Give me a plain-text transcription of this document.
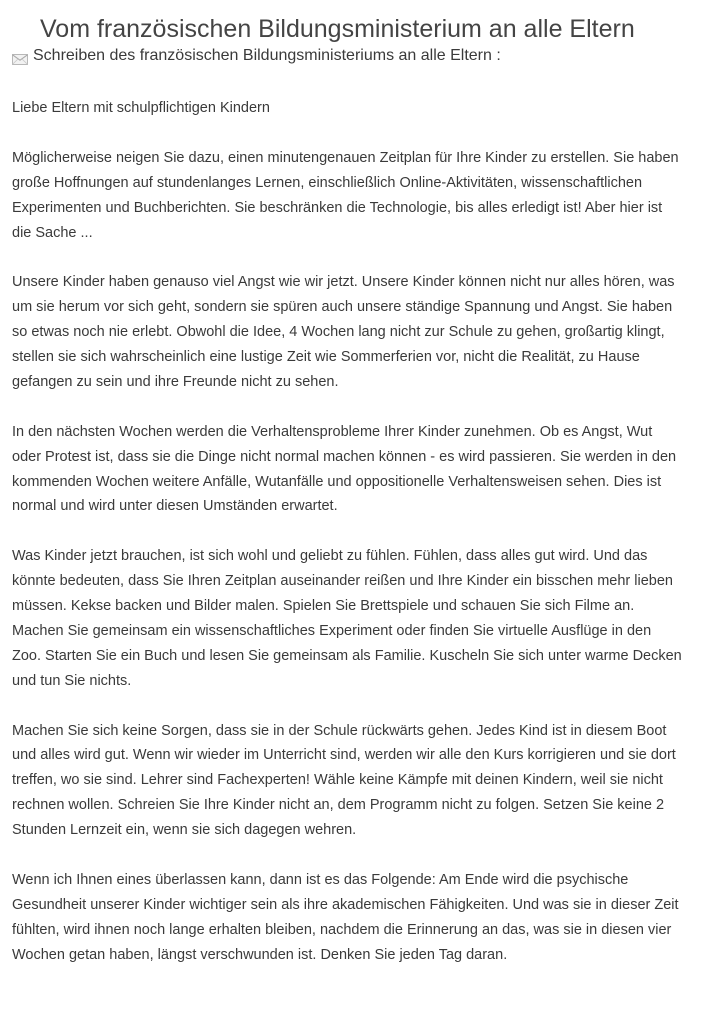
Vom französischen Bildungsministerium an alle Eltern
Schreiben des französischen Bildungsministeriums an alle Eltern :

Liebe Eltern mit schulpflichtigen Kindern

Möglicherweise neigen Sie dazu, einen minutengenauen Zeitplan für Ihre Kinder zu erstellen. Sie haben große Hoffnungen auf stundenlanges Lernen, einschließlich Online-Aktivitäten, wissenschaftlichen Experimenten und Buchberichten. Sie beschränken die Technologie, bis alles erledigt ist! Aber hier ist die Sache ...

Unsere Kinder haben genauso viel Angst wie wir jetzt. Unsere Kinder können nicht nur alles hören, was um sie herum vor sich geht, sondern sie spüren auch unsere ständige Spannung und Angst. Sie haben so etwas noch nie erlebt. Obwohl die Idee, 4 Wochen lang nicht zur Schule zu gehen, großartig klingt, stellen sie sich wahrscheinlich eine lustige Zeit wie Sommerferien vor, nicht die Realität, zu Hause gefangen zu sein und ihre Freunde nicht zu sehen.

In den nächsten Wochen werden die Verhaltensprobleme Ihrer Kinder zunehmen. Ob es Angst, Wut oder Protest ist, dass sie die Dinge nicht normal machen können - es wird passieren. Sie werden in den kommenden Wochen weitere Anfälle, Wutanfälle und oppositionelle Verhaltensweisen sehen. Dies ist normal und wird unter diesen Umständen erwartet.

Was Kinder jetzt brauchen, ist sich wohl und geliebt zu fühlen. Fühlen, dass alles gut wird. Und das könnte bedeuten, dass Sie Ihren Zeitplan auseinander reißen und Ihre Kinder ein bisschen mehr lieben müssen. Kekse backen und Bilder malen. Spielen Sie Brettspiele und schauen Sie sich Filme an. Machen Sie gemeinsam ein wissenschaftliches Experiment oder finden Sie virtuelle Ausflüge in den Zoo. Starten Sie ein Buch und lesen Sie gemeinsam als Familie. Kuscheln Sie sich unter warme Decken und tun Sie nichts.

Machen Sie sich keine Sorgen, dass sie in der Schule rückwärts gehen. Jedes Kind ist in diesem Boot und alles wird gut. Wenn wir wieder im Unterricht sind, werden wir alle den Kurs korrigieren und sie dort treffen, wo sie sind. Lehrer sind Fachexperten! Wähle keine Kämpfe mit deinen Kindern, weil sie nicht rechnen wollen. Schreien Sie Ihre Kinder nicht an, dem Programm nicht zu folgen. Setzen Sie keine 2 Stunden Lernzeit ein, wenn sie sich dagegen wehren.

Wenn ich Ihnen eines überlassen kann, dann ist es das Folgende: Am Ende wird die psychische Gesundheit unserer Kinder wichtiger sein als ihre akademischen Fähigkeiten. Und was sie in dieser Zeit fühlten, wird ihnen noch lange erhalten bleiben, nachdem die Erinnerung an das, was sie in diesen vier Wochen getan haben, längst verschwunden ist. Denken Sie jeden Tag daran.
